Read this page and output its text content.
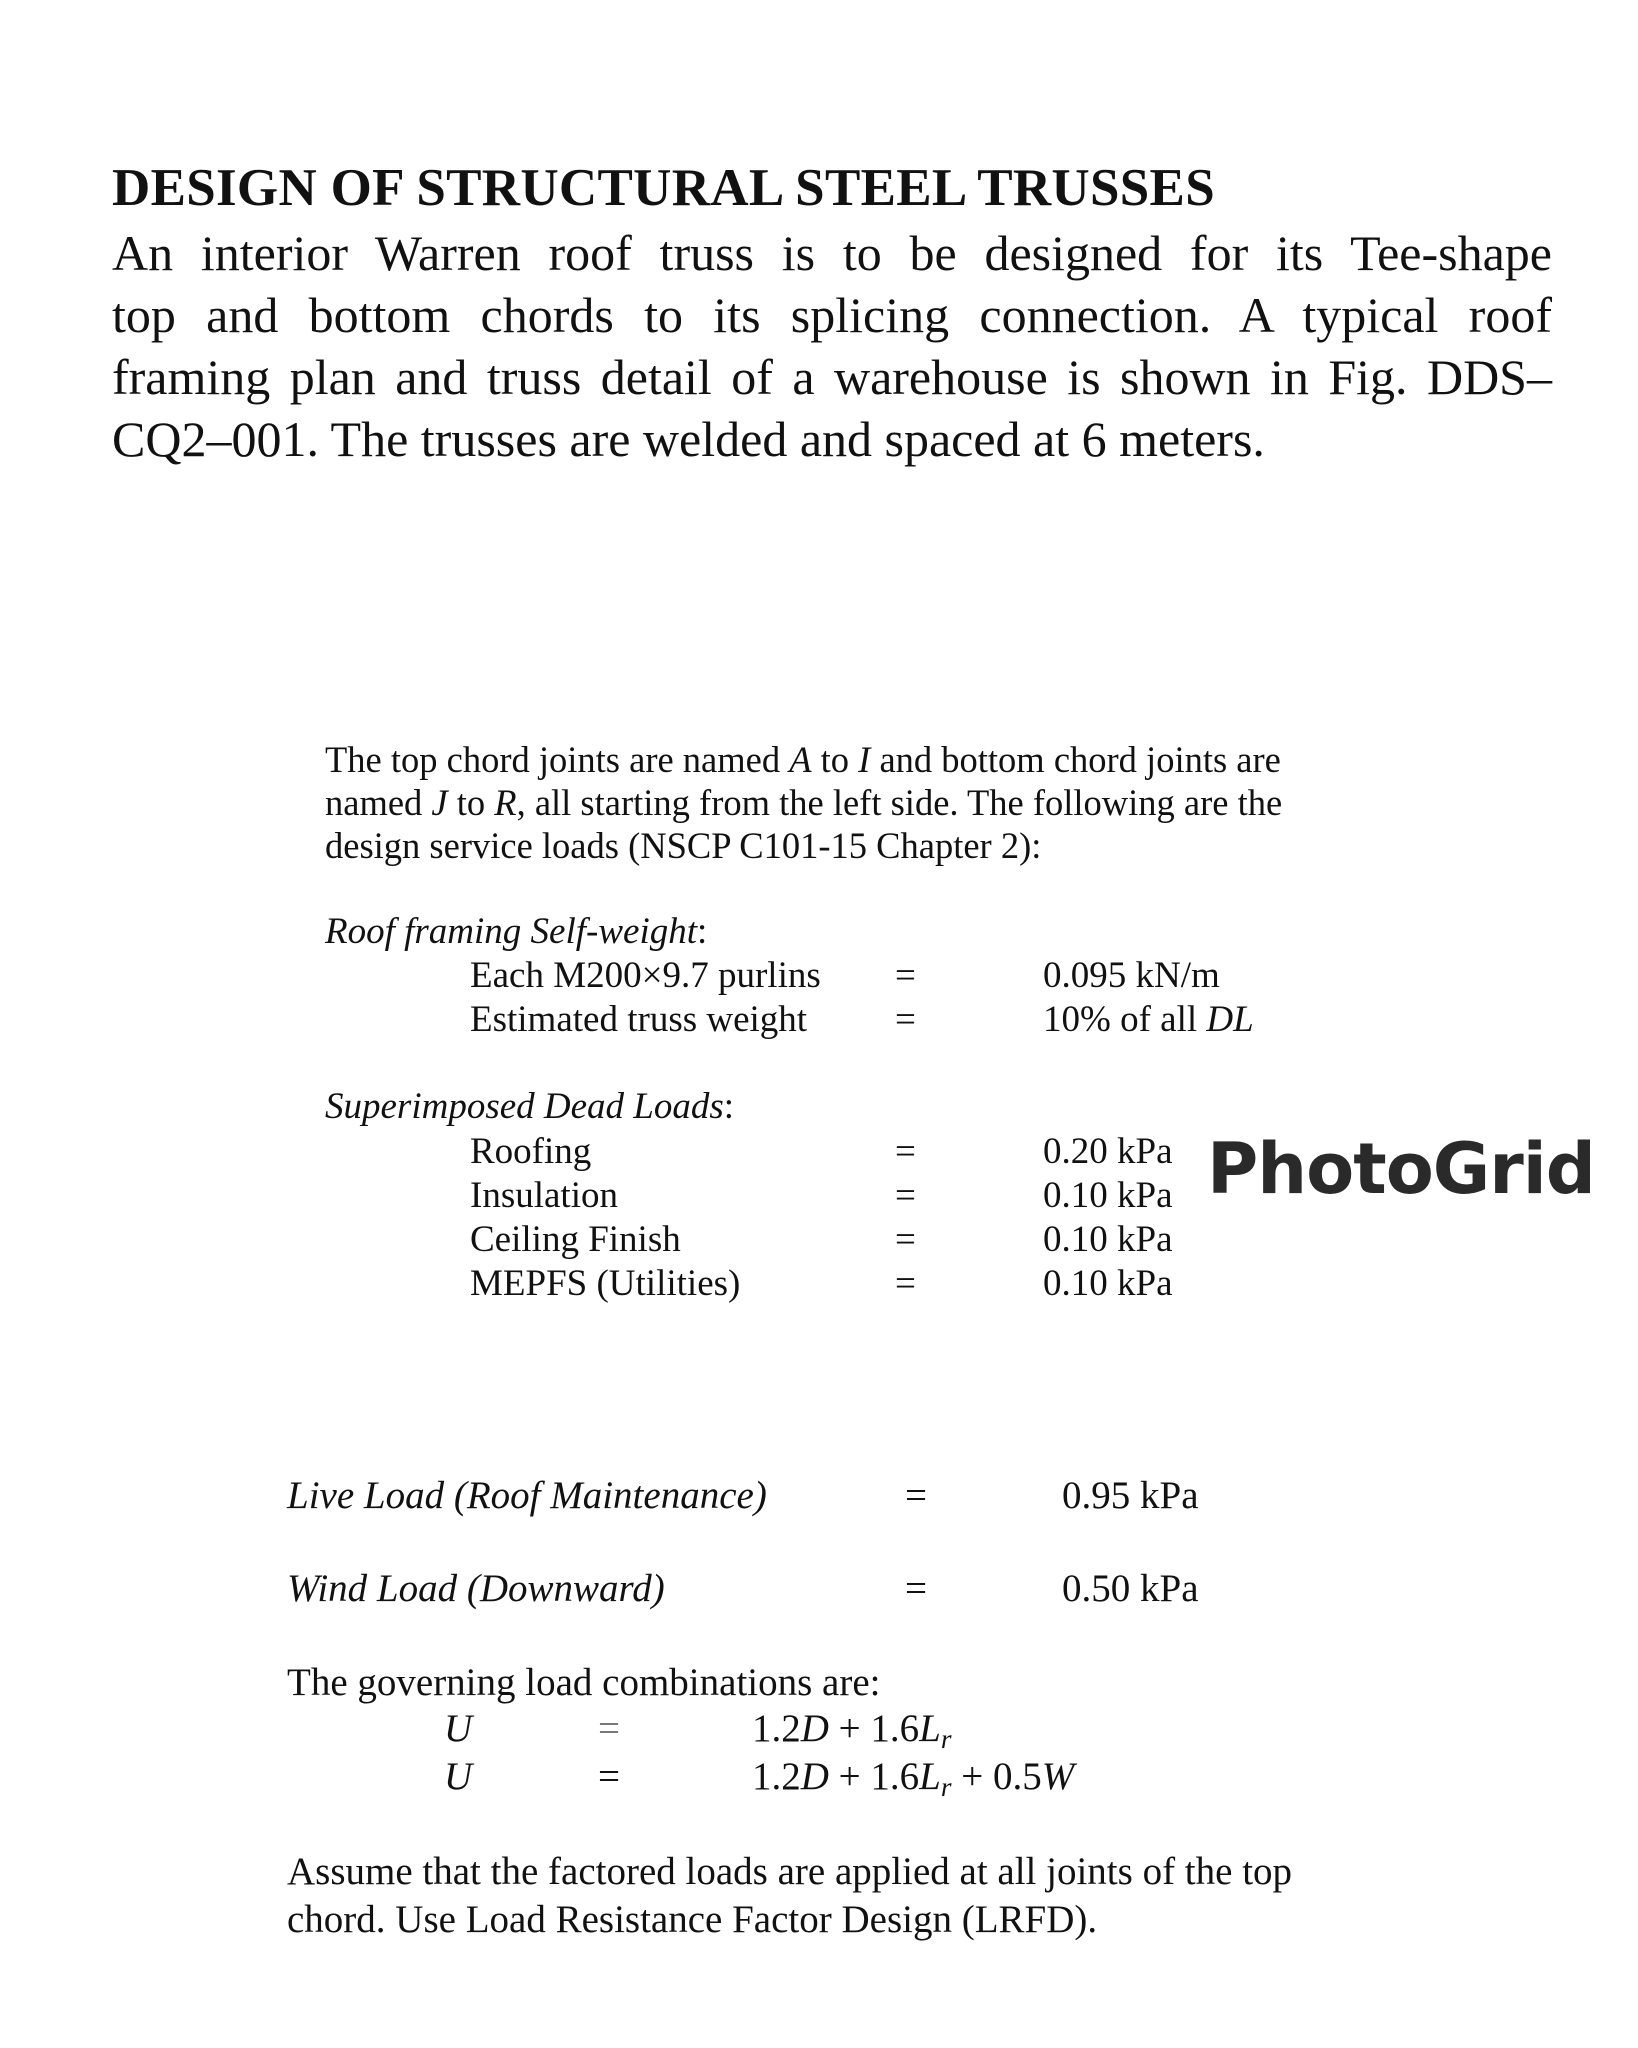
DESIGN OF STRUCTURAL STEEL TRUSSES
An interior Warren roof truss is to be designed for its Tee-shape
top and bottom chords to its splicing connection. A typical roof
framing plan and truss detail of a warehouse is shown in Fig. DDS–
CQ2–001. The trusses are welded and spaced at 6 meters.
The top chord joints are named A to I and bottom chord joints are
named J to R, all starting from the left side. The following are the
design service loads (NSCP C101-15 Chapter 2):
Roof framing Self-weight:
Each M200×9.7 purlins =	0.095 kN/m
Estimated truss weight =	10% of all DL
Superimposed Dead Loads:
Roofing	=	0.20 kPa
Insulation	=	0.10 kPa
Ceiling Finish	=	0.10 kPa
MEPFS (Utilities)	=	0.10 kPa
PhotoGrid
Live Load (Roof Maintenance)	=	0.95 kPa
Wind Load (Downward)	=	0.50 kPa
The governing load combinations are:
U	=	$1.2D + 1.6L_r$
U	=	$1.2D + 1.6L_r + 0.5W$
Assume that the factored loads are applied at all joints of the top
chord. Use Load Resistance Factor Design (LRFD).
